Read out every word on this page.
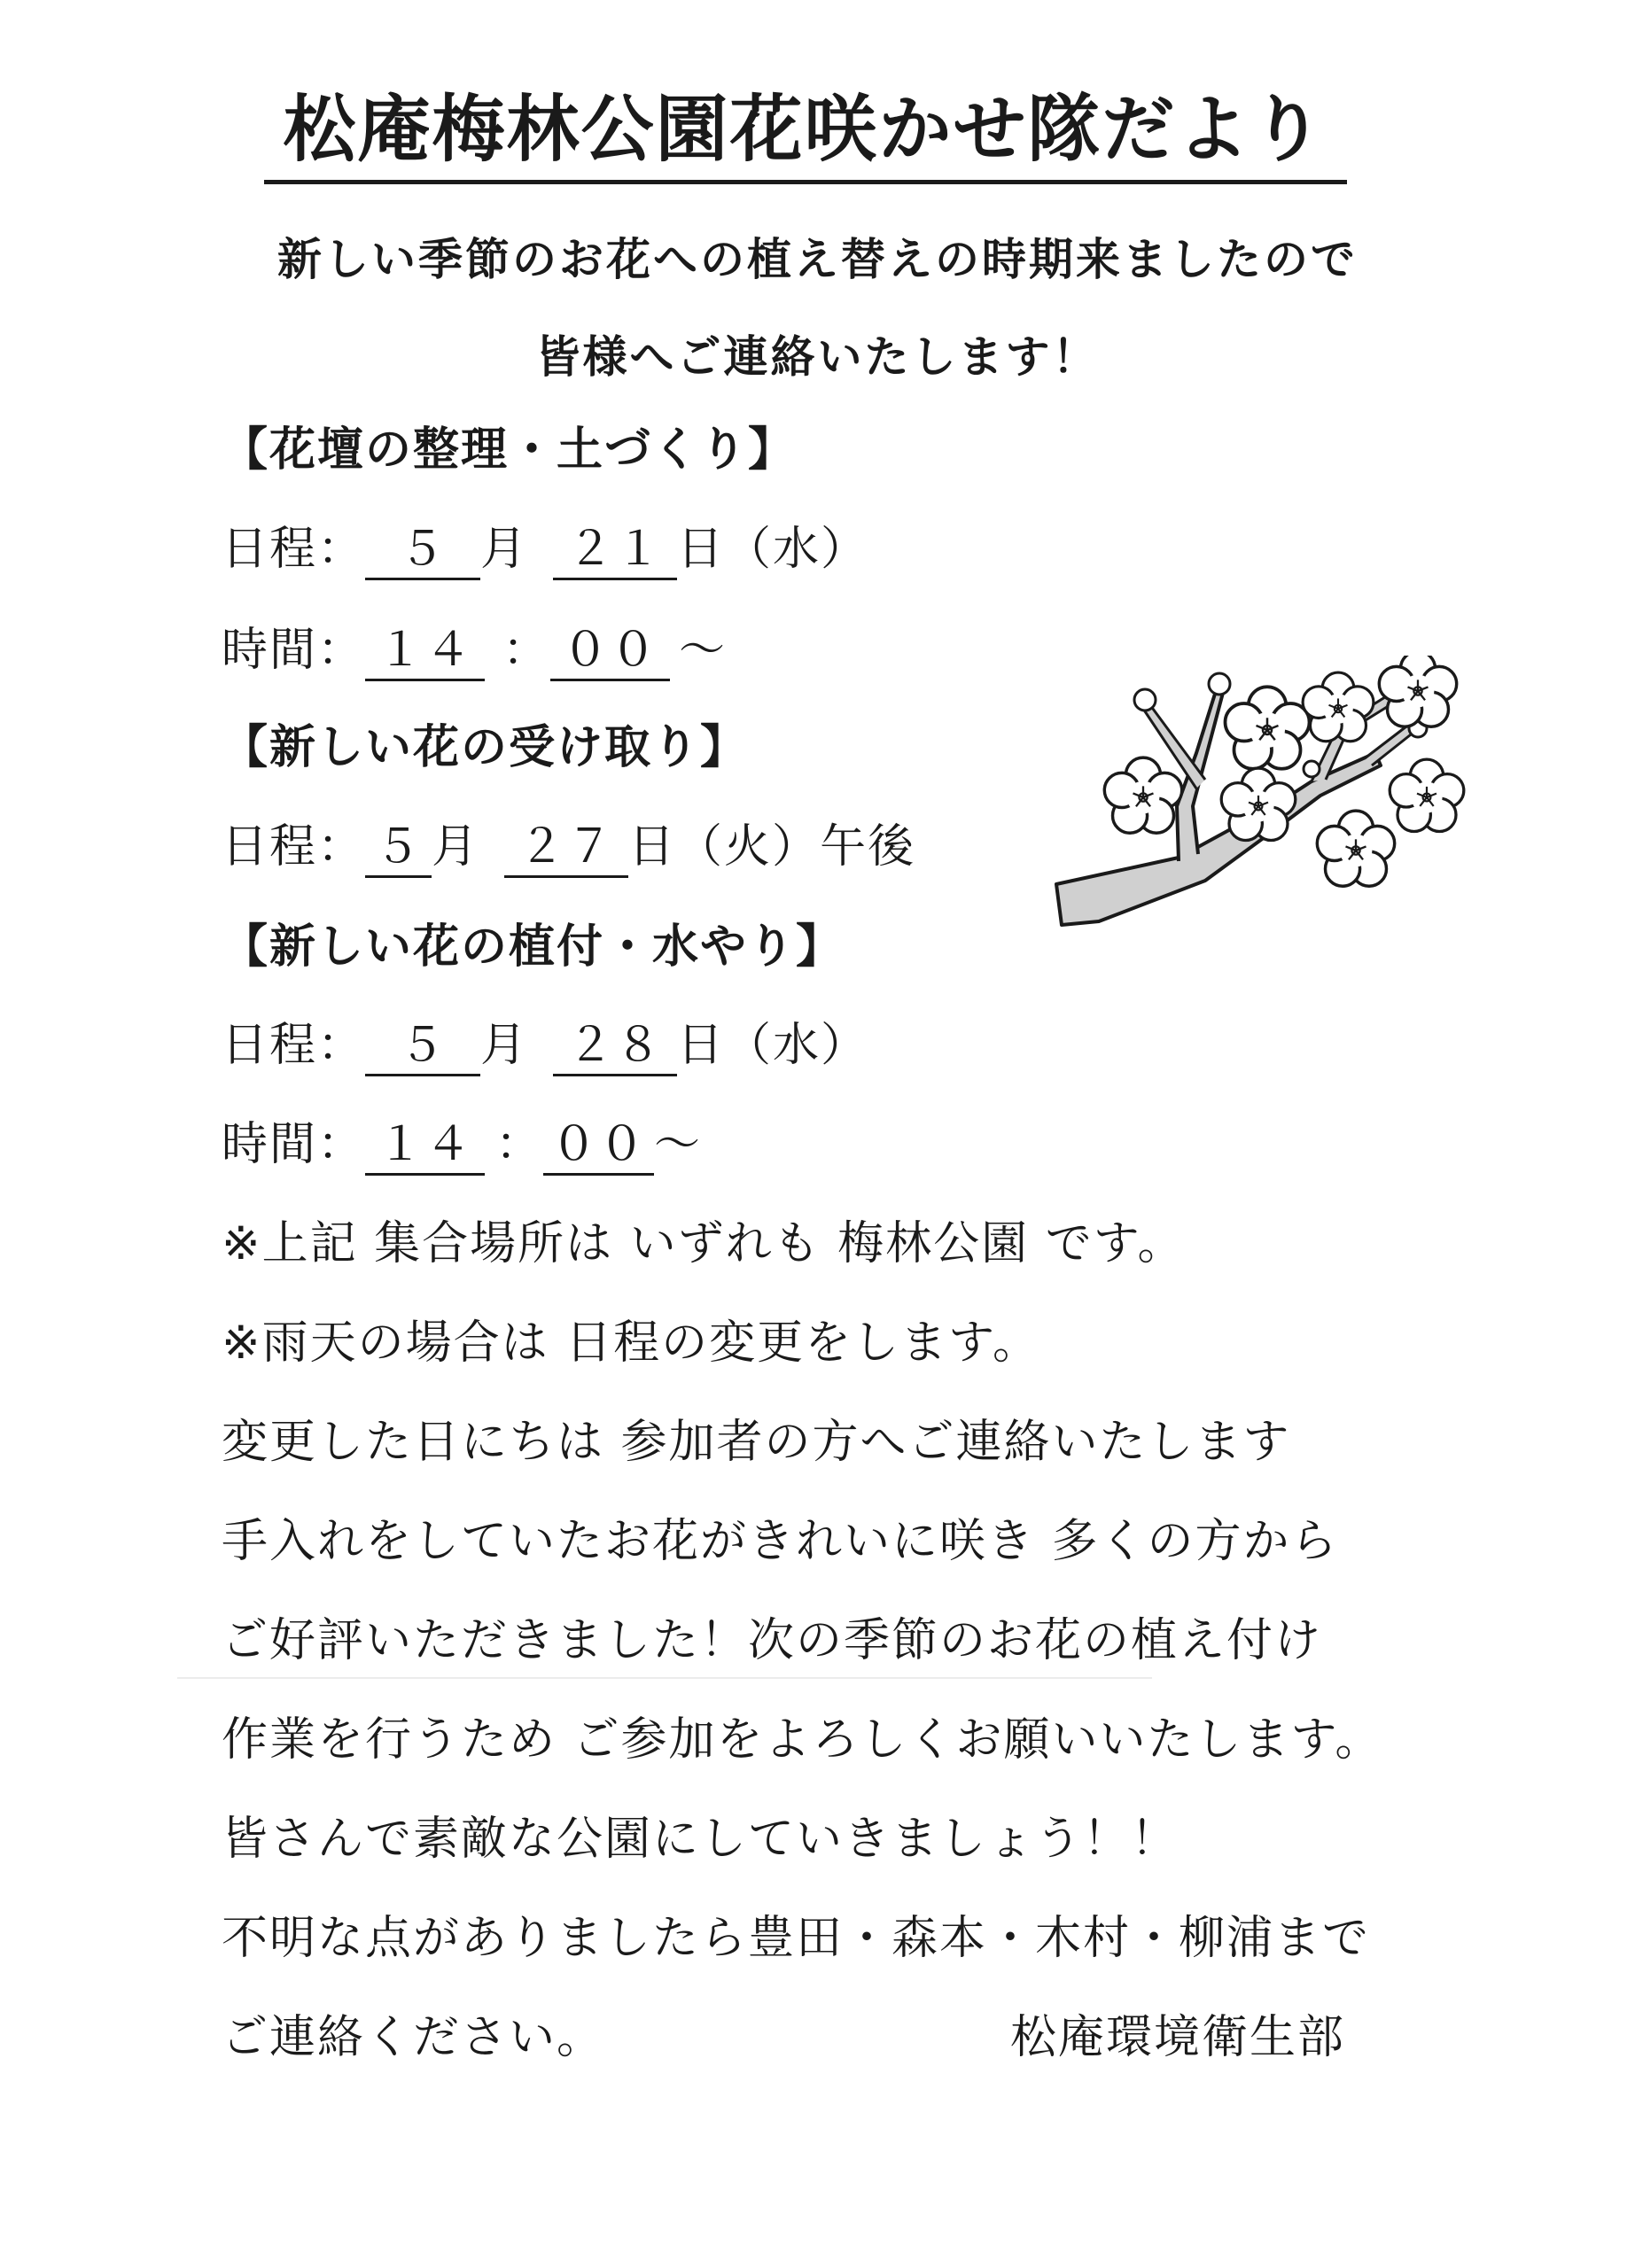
松庵梅林公園花咲かせ隊だより
新しい季節のお花への植え替えの時期来ましたので
皆様へご連絡いたします！
【花壇の整理・土づくり】
日程： ５ 月 ２１ 日（水）
時間： １４ ： ００ ～
【新しい花の受け取り】
日程： ５ 月 ２７ 日（火）午後
【新しい花の植付・水やり】
日程： ５ 月 ２８ 日（水）
時間： １４ ： ００ ～
※上記 集合場所は いずれも 梅林公園 です。
※雨天の場合は 日程の変更をします。
変更した日にちは 参加者の方へご連絡いたします
手入れをしていたお花がきれいに咲き 多くの方から
ご好評いただきました！次の季節のお花の植え付け
作業を行うため ご参加をよろしくお願いいたします。
皆さんで素敵な公園にしていきましょう！！
不明な点がありましたら豊田・森本・木村・柳浦まで
ご連絡ください。	松庵環境衛生部
